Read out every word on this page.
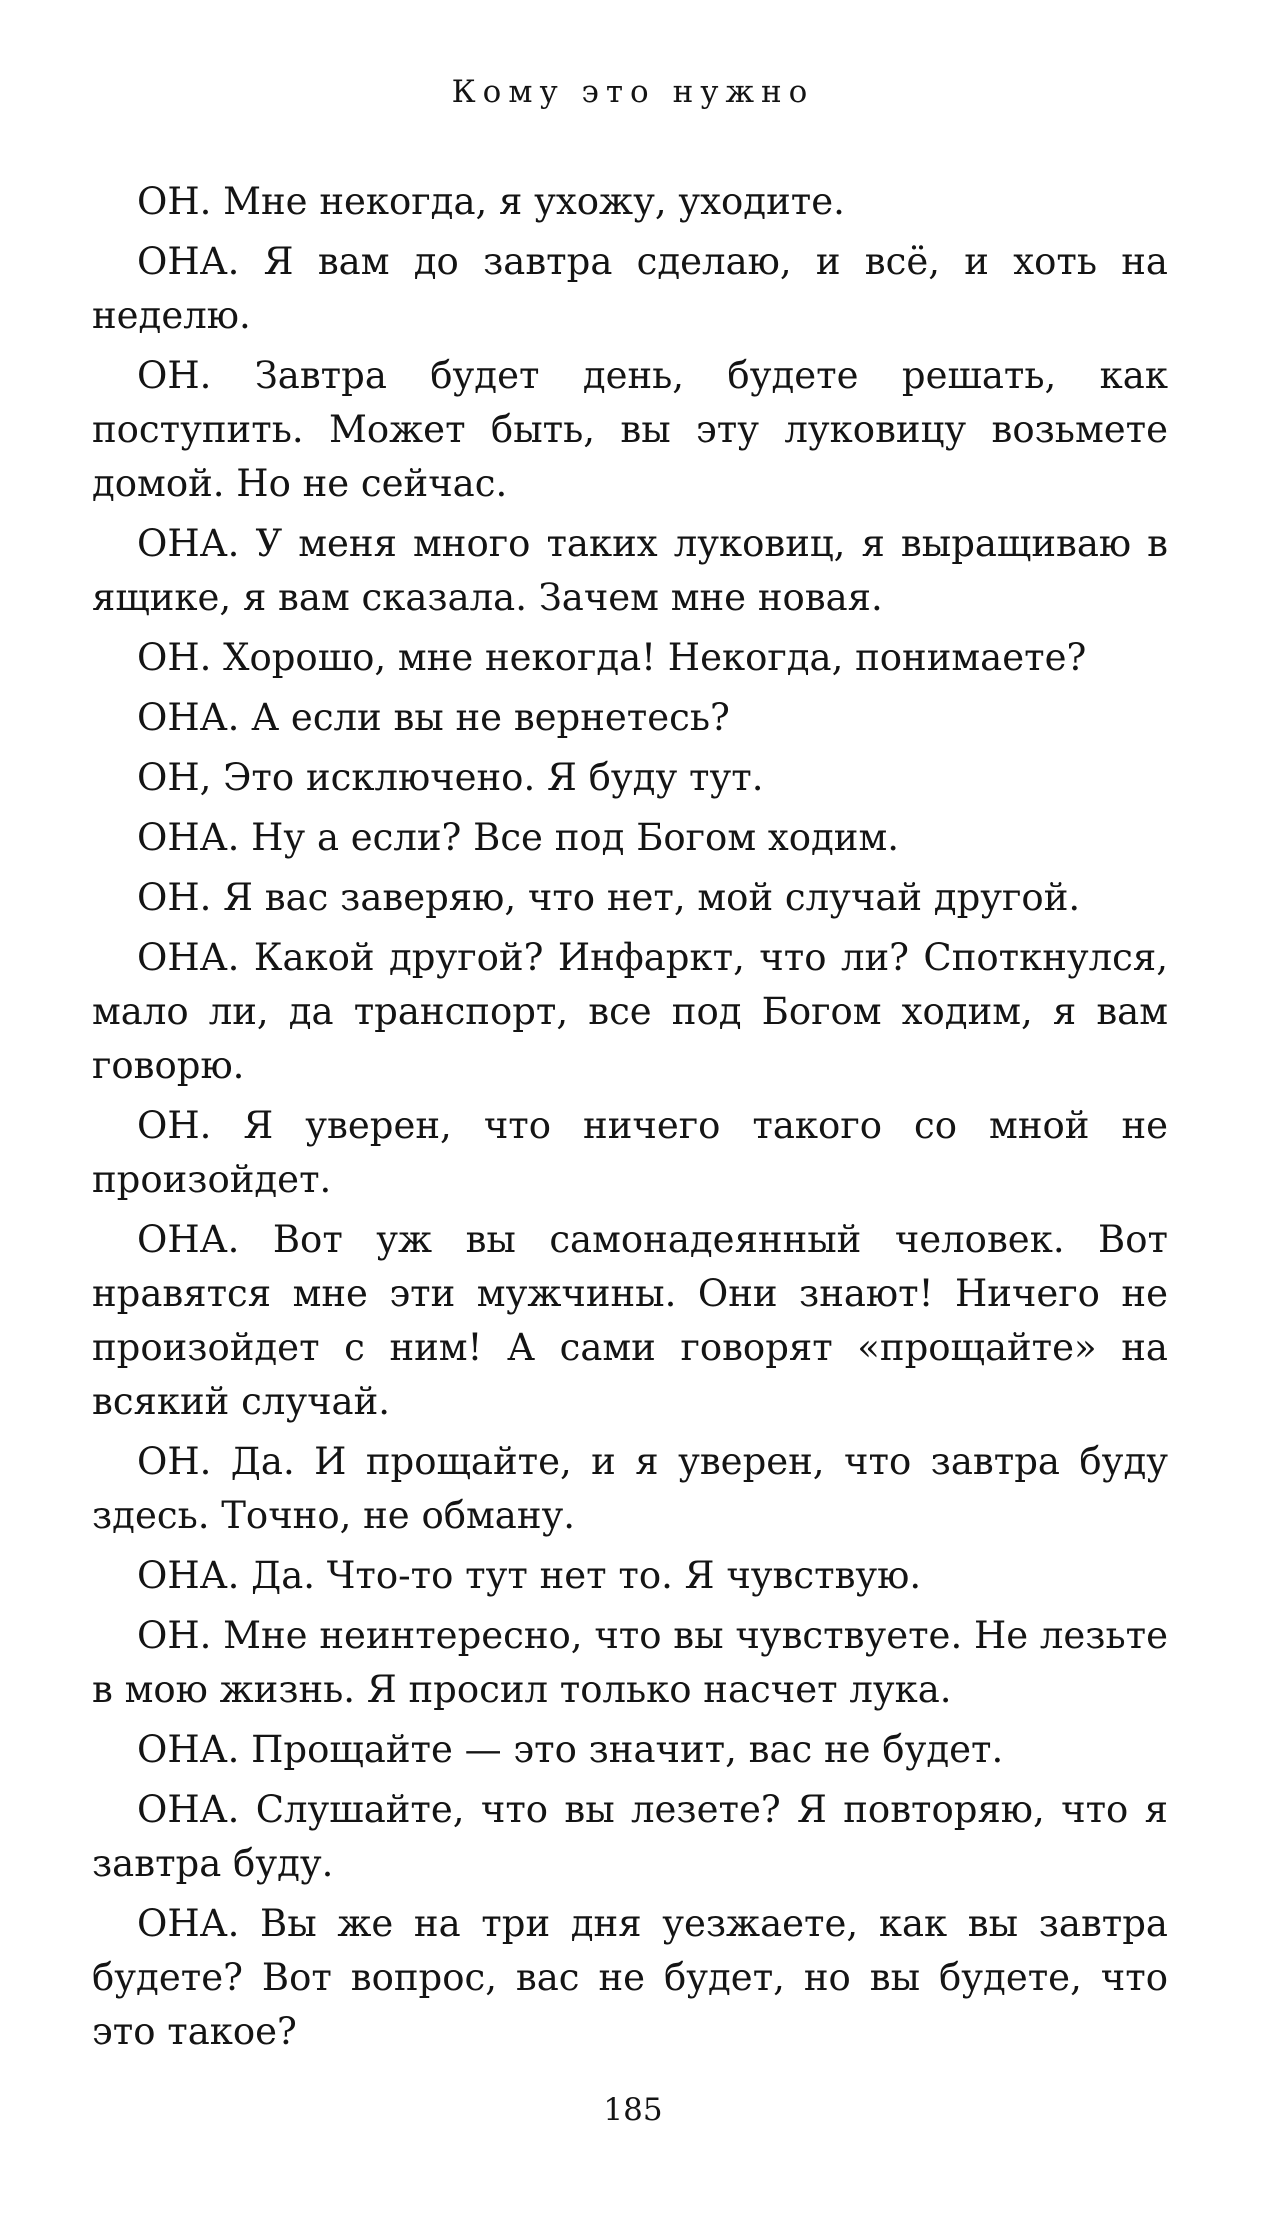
Кому это нужно

ОН. Мне некогда, я ухожу, уходите.

ОНА. Я вам до завтра сделаю, и всё, и хоть на неделю.

ОН. Завтра будет день, будете решать, как поступить. Может быть, вы эту луковицу возьмете домой. Но не сейчас.

ОНА. У меня много таких луковиц, я выращиваю в ящике, я вам сказала. Зачем мне новая.

ОН. Хорошо, мне некогда! Некогда, понимаете?

ОНА. А если вы не вернетесь?

ОН, Это исключено. Я буду тут.

ОНА. Ну а если? Все под Богом ходим.

ОН. Я вас заверяю, что нет, мой случай другой.

ОНА. Какой другой? Инфаркт, что ли? Споткнулся, мало ли, да транспорт, все под Богом ходим, я вам говорю.

ОН. Я уверен, что ничего такого со мной не произойдет.

ОНА. Вот уж вы самонадеянный человек. Вот нравятся мне эти мужчины. Они знают! Ничего не произойдет с ним! А сами говорят «прощайте» на всякий случай.

ОН. Да. И прощайте, и я уверен, что завтра буду здесь. Точно, не обману.

ОНА. Да. Что-то тут нет то. Я чувствую.

ОН. Мне неинтересно, что вы чувствуете. Не лезьте в мою жизнь. Я просил только насчет лука.

ОНА. Прощайте — это значит, вас не будет.

ОНА. Слушайте, что вы лезете? Я повторяю, что я завтра буду.

ОНА. Вы же на три дня уезжаете, как вы завтра будете? Вот вопрос, вас не будет, но вы будете, что это такое?

185
